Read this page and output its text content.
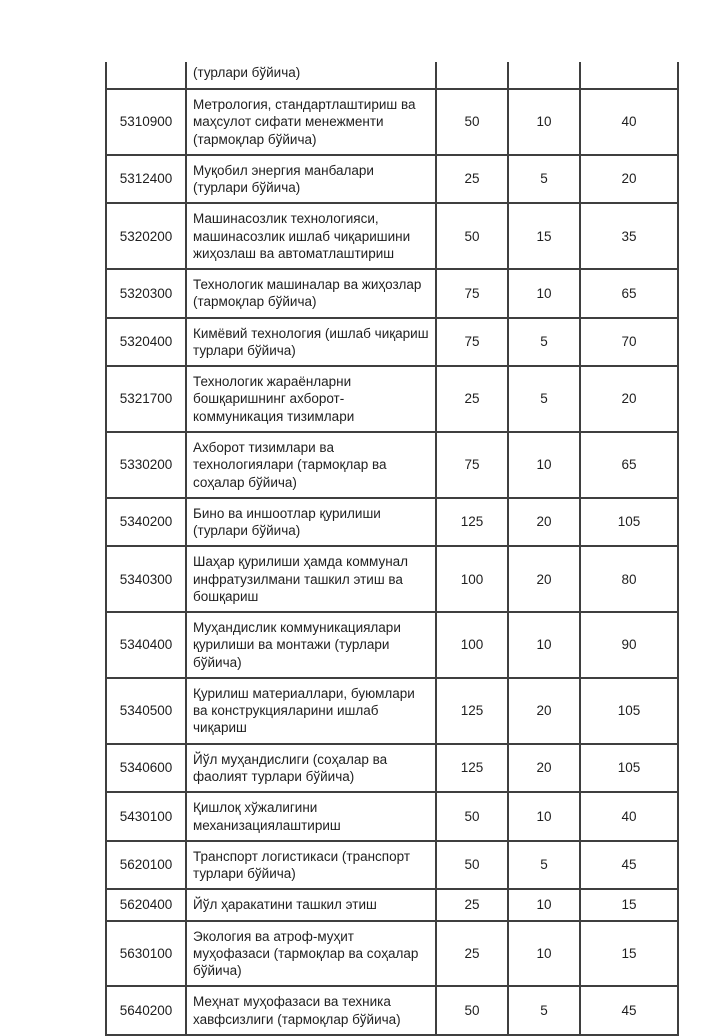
	(турлари бўйича)			
5310900	Метрология, стандартлаштириш ва маҳсулот сифати менежменти (тармоқлар бўйича)	50	10	40
5312400	Муқобил энергия манбалари (турлари бўйича)	25	5	20
5320200	Машинасозлик технологияси, машинасозлик ишлаб чиқаришини жиҳозлаш ва автоматлаштириш	50	15	35
5320300	Технологик машиналар ва жиҳозлар (тармоқлар бўйича)	75	10	65
5320400	Кимёвий технология (ишлаб чиқариш турлари бўйича)	75	5	70
5321700	Технологик жараёнларни бошқаришнинг ахборот-коммуникация тизимлари	25	5	20
5330200	Ахборот тизимлари ва технологиялари (тармоқлар ва соҳалар бўйича)	75	10	65
5340200	Бино ва иншоотлар қурилиши (турлари бўйича)	125	20	105
5340300	Шаҳар қурилиши ҳамда коммунал инфратузилмани ташкил этиш ва бошқариш	100	20	80
5340400	Муҳандислик коммуникациялари қурилиши ва монтажи (турлари бўйича)	100	10	90
5340500	Қурилиш материаллари, буюмлари ва конструкцияларини ишлаб чиқариш	125	20	105
5340600	Йўл муҳандислиги (соҳалар ва фаолият турлари бўйича)	125	20	105
5430100	Қишлоқ хўжалигини механизациялаштириш	50	10	40
5620100	Транспорт логистикаси (транспорт турлари бўйича)	50	5	45
5620400	Йўл ҳаракатини ташкил этиш	25	10	15
5630100	Экология ва атроф-муҳит муҳофазаси (тармоқлар ва соҳалар бўйича)	25	10	15
5640200	Меҳнат муҳофазаси ва техника хавфсизлиги (тармоқлар бўйича)	50	5	45
